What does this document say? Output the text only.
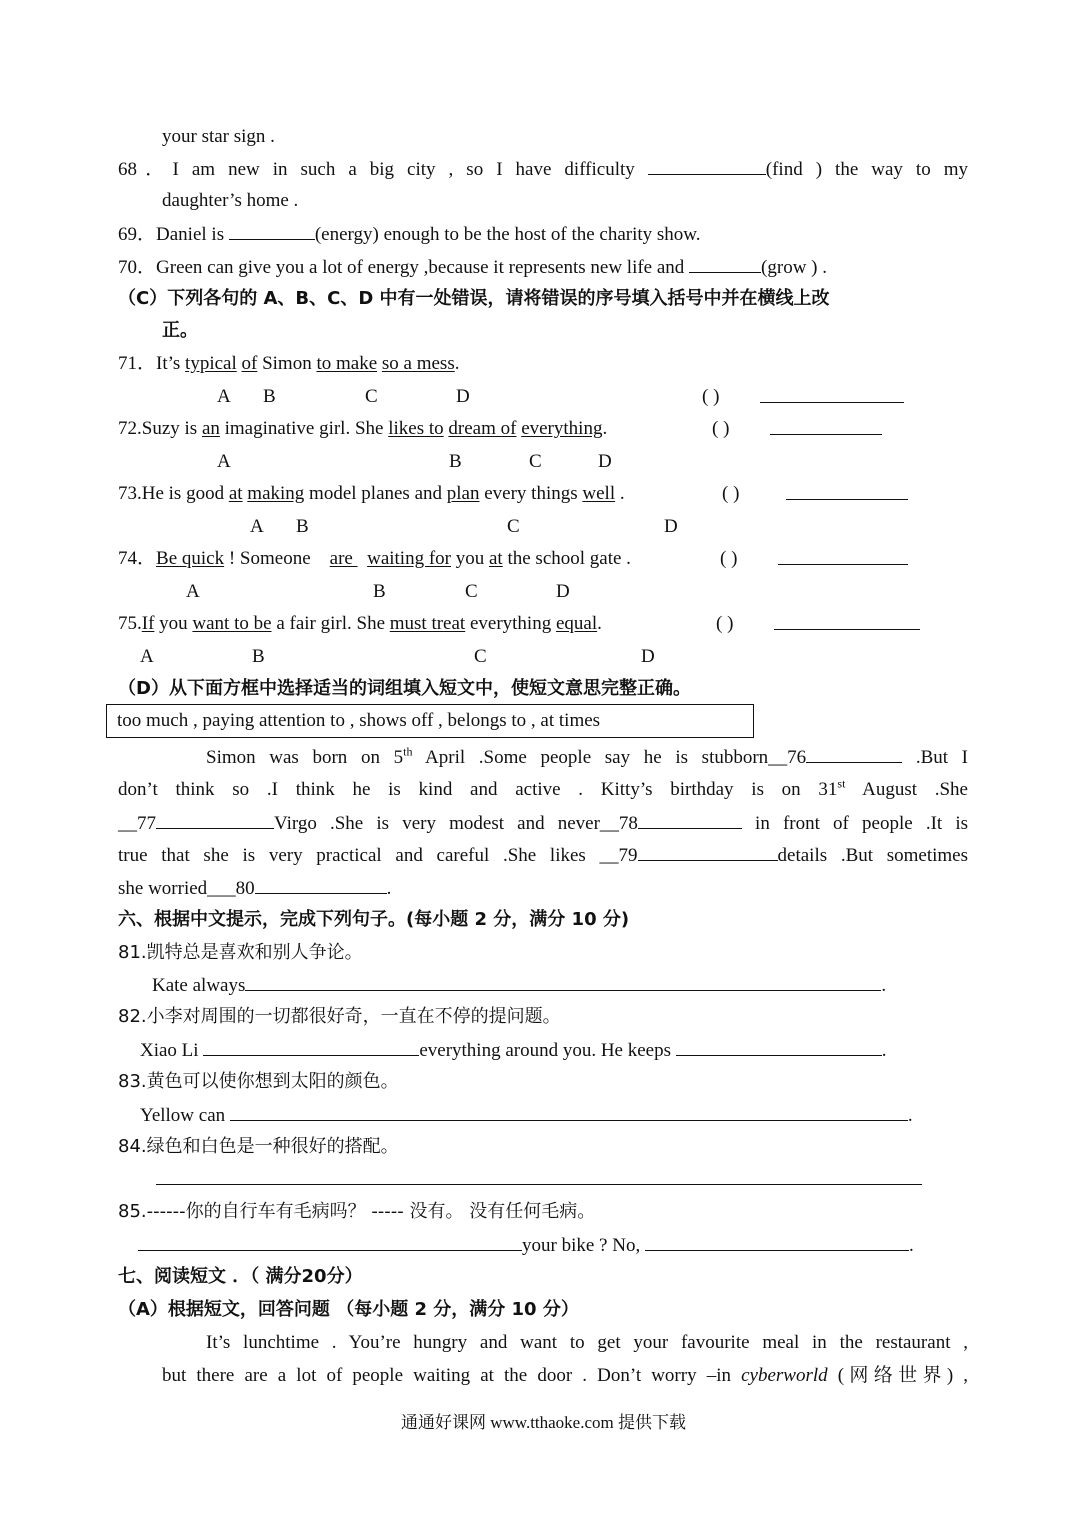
your star sign .
68．I am new in such a big city , so I have difficulty	(find ) the way to my
daughter’s home .
69．Daniel is	(energy) enough to be the host of the charity show.
70．Green can give you a lot of energy ,because it represents new life and	(grow ) .
（C）下列各句的 A、B、C、D 中有一处错误，请将错误的序号填入括号中并在横线上改
正。
71．It’s typical of Simon to make so a mess.
A B	C	D	( )
72.Suzy is an imaginative girl. She likes to dream of everything.	( )
A	B	C	D
73.He is good at making model planes and plan every things well .	( )
A B	C	D
74．Be quick ! Someone    are   waiting for you at the school gate .	( )
A	B	C	D
75.If you want to be a fair girl. She must treat everything equal.	( )
A	B	C	D
（D）从下面方框中选择适当的词组填入短文中，使短文意思完整正确。
too much , paying attention to , shows off , belongs to , at times
Simon was born on 5th April .Some people say he is stubborn__76	.But I
don’t think so .I think he is kind and active . Kitty’s birthday is on 31st August .She
__77	Virgo .She is very modest and never__78	in front of people .It is
true that she is very practical and careful .She likes __79	details .But sometimes
she worried___80	.
六、根据中文提示，完成下列句子。(每小题 2 分，满分 10 分)
81.凯特总是喜欢和别人争论。
Kate always	.
82.小李对周围的一切都很好奇，一直在不停的提问题。
Xiao Li	everything around you. He keeps	.
83.黄色可以使你想到太阳的颜色。
Yellow can	.
84.绿色和白色是一种很好的搭配。
85.------你的自行车有毛病吗？ ----- 没有。 没有任何毛病。
your bike ? No,	.
七、阅读短文 ．（ 满分20分）
（A）根据短文，回答问题 （每小题 2 分，满分 10 分）
It’s lunchtime . You’re hungry and want to get your favourite meal in the restaurant ,
but there are a lot of people waiting at the door . Don’t worry –in cyberworld (网络世界) ,
通通好课网 www.tthaoke.com 提供下载
